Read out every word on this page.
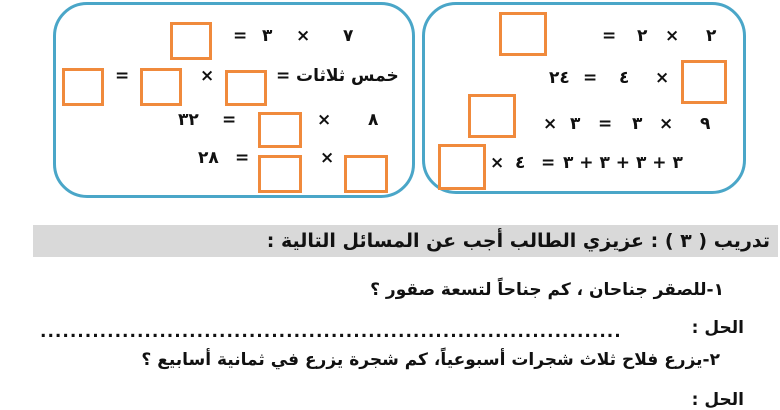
٢
×
٢
=
×
٤
=
٢٤
٩
×
٣
=
٣
×
٣ + ٣ + ٣ + ٣
=
٤
×
٧
×
٣
=
خمس ثلاثات
=
×
=
٨
×
=
٣٢
×
=
٢٨
تدريب ( ٣ ) : عزيزي الطالب أجب عن المسائل التالية :
١-للصقر جناحان ، كم جناحاً لتسعة صقور ؟
الحل :
..............................................................................
٢-يزرع فلاح ثلاث شجرات أسبوعياً، كم شجرة يزرع في ثمانية أسابيع ؟
الحل :
